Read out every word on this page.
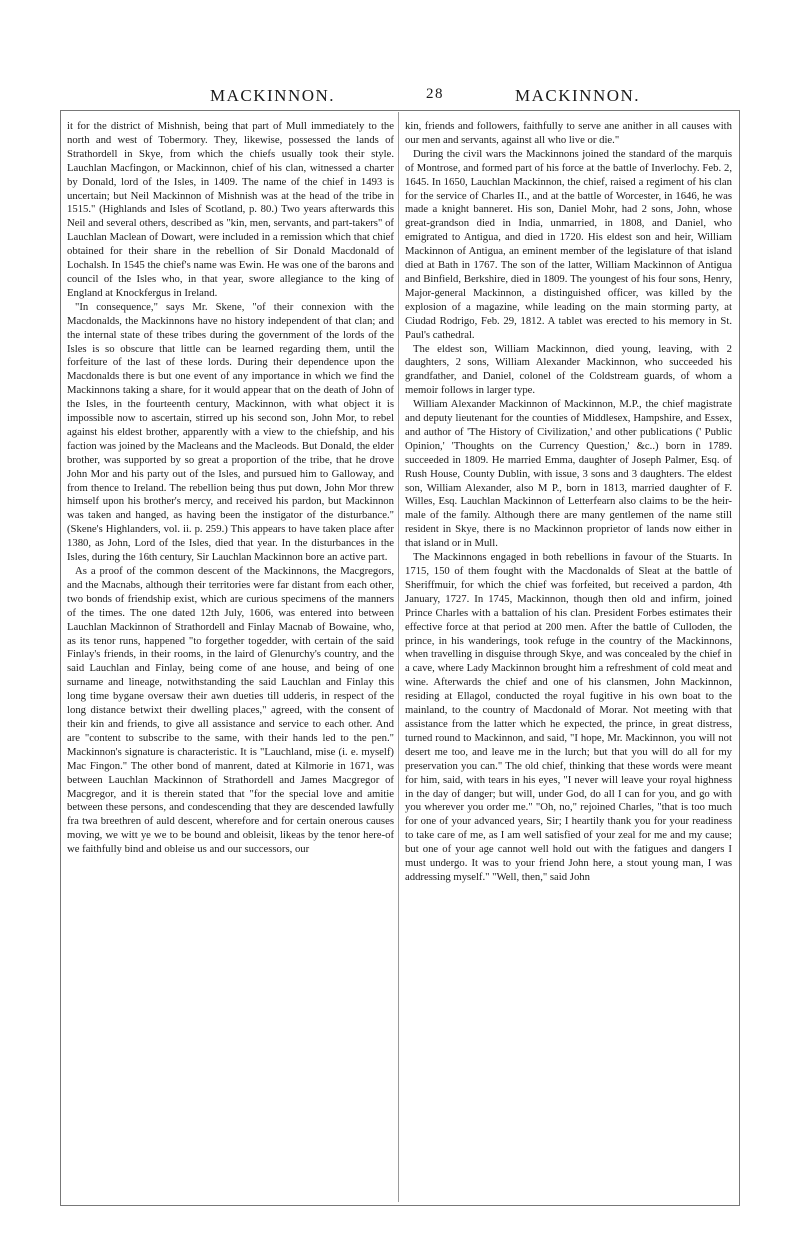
MACKINNON.	28	MACKINNON.

it for the district of Mishnish, being that part of Mull immediately to the north and west of Tobermory. They, likewise, possessed the lands of Strathordell in Skye, from which the chiefs usually took their style. Lauchlan Macfingon, or Mackinnon, chief of his clan, witnessed a charter by Donald, lord of the Isles, in 1409. The name of the chief in 1493 is uncertain; but Neil Mackinnon of Mishnish was at the head of the tribe in 1515." (Highlands and Isles of Scotland, p. 80.) Two years afterwards this Neil and several others, described as "kin, men, servants, and part-takers" of Lauchlan Maclean of Dowart, were included in a remission which that chief obtained for their share in the rebellion of Sir Donald Macdonald of Lochalsh. In 1545 the chief's name was Ewin. He was one of the barons and council of the Isles who, in that year, swore allegiance to the king of England at Knockfergus in Ireland.

"In consequence," says Mr. Skene, "of their connexion with the Macdonalds, the Mackinnons have no history independent of that clan; and the internal state of these tribes during the government of the lords of the Isles is so obscure that little can be learned regarding them, until the forfeiture of the last of these lords. During their dependence upon the Macdonalds there is but one event of any importance in which we find the Mackinnons taking a share, for it would appear that on the death of John of the Isles, in the fourteenth century, Mackinnon, with what object it is impossible now to ascertain, stirred up his second son, John Mor, to rebel against his eldest brother, apparently with a view to the chiefship, and his faction was joined by the Macleans and the Macleods. But Donald, the elder brother, was supported by so great a proportion of the tribe, that he drove John Mor and his party out of the Isles, and pursued him to Galloway, and from thence to Ireland. The rebellion being thus put down, John Mor threw himself upon his brother's mercy, and received his pardon, but Mackinnon was taken and hanged, as having been the instigator of the disturbance." (Skene's Highlanders, vol. ii. p. 259.) This appears to have taken place after 1380, as John, Lord of the Isles, died that year. In the disturbances in the Isles, during the 16th century, Sir Lauchlan Mackinnon bore an active part.

As a proof of the common descent of the Mackinnons, the Macgregors, and the Macnabs, although their territories were far distant from each other, two bonds of friendship exist, which are curious specimens of the manners of the times. The one dated 12th July, 1606, was entered into between Lauchlan Mackinnon of Strathordell and Finlay Macnab of Bowaine, who, as its tenor runs, happened "to forgether togedder, with certain of the said Finlay's friends, in their rooms, in the laird of Glenurchy's country, and the said Lauchlan and Finlay, being come of ane house, and being of one surname and lineage, notwithstanding the said Lauchlan and Finlay this long time bygane oversaw their awn dueties till udderis, in respect of the long distance betwixt their dwelling places," agreed, with the consent of their kin and friends, to give all assistance and service to each other. And are "content to subscribe to the same, with their hands led to the pen." Mackinnon's signature is characteristic. It is "Lauchland, mise (i. e. myself) Mac Fingon." The other bond of manrent, dated at Kilmorie in 1671, was between Lauchlan Mackinnon of Strathordell and James Macgregor of Macgregor, and it is therein stated that "for the special love and amitie between these persons, and condescending that they are descended lawfully fra twa breethren of auld descent, wherefore and for certain onerous causes moving, we witt ye we to be bound and obleisit, likeas by the tenor here-of we faithfully bind and obleise us and our successors, our

kin, friends and followers, faithfully to serve ane anither in all causes with our men and servants, against all who live or die."

During the civil wars the Mackinnons joined the standard of the marquis of Montrose, and formed part of his force at the battle of Inverlochy. Feb. 2, 1645. In 1650, Lauchlan Mackinnon, the chief, raised a regiment of his clan for the service of Charles II., and at the battle of Worcester, in 1646, he was made a knight banneret. His son, Daniel Mohr, had 2 sons, John, whose great-grandson died in India, unmarried, in 1808, and Daniel, who emigrated to Antigua, and died in 1720. His eldest son and heir, William Mackinnon of Antigua, an eminent member of the legislature of that island died at Bath in 1767. The son of the latter, William Mackinnon of Antigua and Binfield, Berkshire, died in 1809. The youngest of his four sons, Henry, Major-general Mackinnon, a distinguished officer, was killed by the explosion of a magazine, while leading on the main storming party, at Ciudad Rodrigo, Feb. 29, 1812. A tablet was erected to his memory in St. Paul's cathedral.

The eldest son, William Mackinnon, died young, leaving, with 2 daughters, 2 sons, William Alexander Mackinnon, who succeeded his grandfather, and Daniel, colonel of the Coldstream guards, of whom a memoir follows in larger type.

William Alexander Mackinnon of Mackinnon, M.P., the chief magistrate and deputy lieutenant for the counties of Middlesex, Hampshire, and Essex, and author of 'The History of Civilization,' and other publications (' Public Opinion,' 'Thoughts on the Currency Question,' &c..) born in 1789. succeeded in 1809. He married Emma, daughter of Joseph Palmer, Esq. of Rush House, County Dublin, with issue, 3 sons and 3 daughters. The eldest son, William Alexander, also M P., born in 1813, married daughter of F. Willes, Esq. Lauchlan Mackinnon of Letterfearn also claims to be the heir-male of the family. Although there are many gentlemen of the name still resident in Skye, there is no Mackinnon proprietor of lands now either in that island or in Mull.

The Mackinnons engaged in both rebellions in favour of the Stuarts. In 1715, 150 of them fought with the Macdonalds of Sleat at the battle of Sheriffmuir, for which the chief was forfeited, but received a pardon, 4th January, 1727. In 1745, Mackinnon, though then old and infirm, joined Prince Charles with a battalion of his clan. President Forbes estimates their effective force at that period at 200 men. After the battle of Culloden, the prince, in his wanderings, took refuge in the country of the Mackinnons, when travelling in disguise through Skye, and was concealed by the chief in a cave, where Lady Mackinnon brought him a refreshment of cold meat and wine. Afterwards the chief and one of his clansmen, John Mackinnon, residing at Ellagol, conducted the royal fugitive in his own boat to the mainland, to the country of Macdonald of Morar. Not meeting with that assistance from the latter which he expected, the prince, in great distress, turned round to Mackinnon, and said, "I hope, Mr. Mackinnon, you will not desert me too, and leave me in the lurch; but that you will do all for my preservation you can." The old chief, thinking that these words were meant for him, said, with tears in his eyes, "I never will leave your royal highness in the day of danger; but will, under God, do all I can for you, and go with you wherever you order me." "Oh, no," rejoined Charles, "that is too much for one of your advanced years, Sir; I heartily thank you for your readiness to take care of me, as I am well satisfied of your zeal for me and my cause; but one of your age cannot well hold out with the fatigues and dangers I must undergo. It was to your friend John here, a stout young man, I was addressing myself." "Well, then," said John
